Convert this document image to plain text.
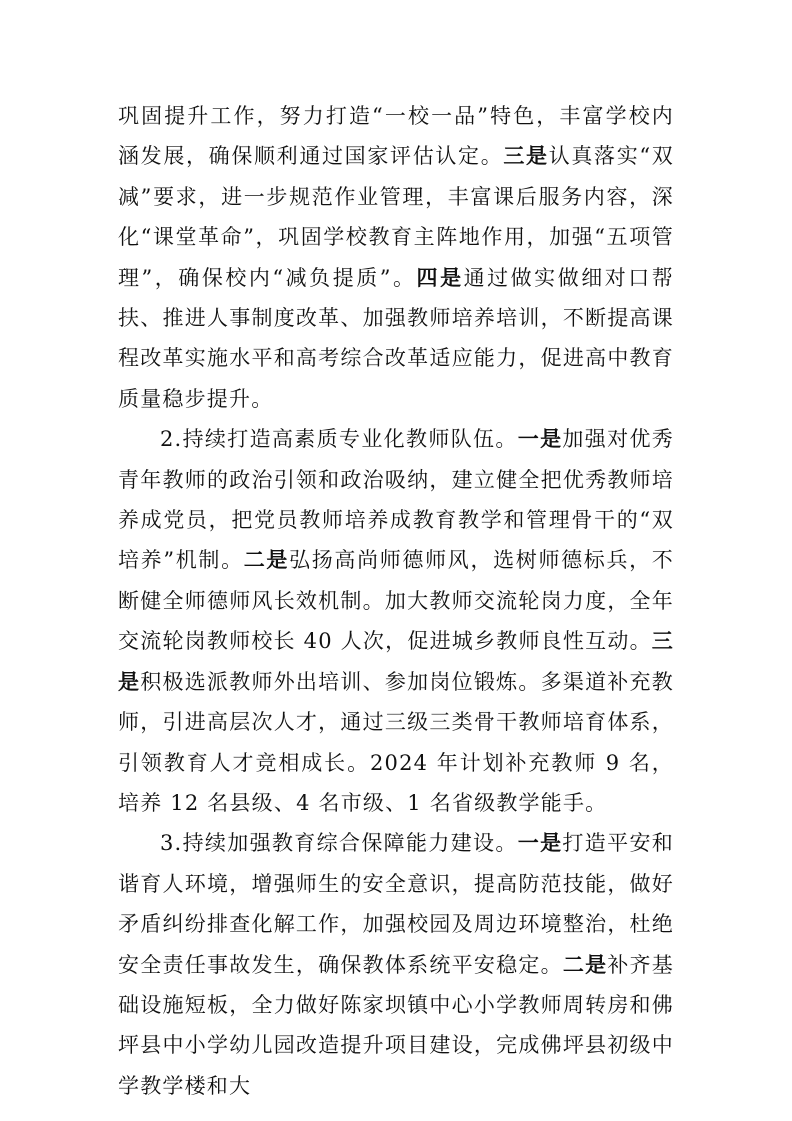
巩固提升工作，努力打造“一校一品”特色，丰富学校内涵发展，确保顺利通过国家评估认定。三是认真落实“双减”要求，进一步规范作业管理，丰富课后服务内容，深化“课堂革命”，巩固学校教育主阵地作用，加强“五项管理”，确保校内“减负提质”。四是通过做实做细对口帮扶、推进人事制度改革、加强教师培养培训，不断提高课程改革实施水平和高考综合改革适应能力，促进高中教育质量稳步提升。

2.持续打造高素质专业化教师队伍。一是加强对优秀青年教师的政治引领和政治吸纳，建立健全把优秀教师培养成党员，把党员教师培养成教育教学和管理骨干的“双培养”机制。二是弘扬高尚师德师风，选树师德标兵，不断健全师德师风长效机制。加大教师交流轮岗力度，全年交流轮岗教师校长 40 人次，促进城乡教师良性互动。三是积极选派教师外出培训、参加岗位锻炼。多渠道补充教师，引进高层次人才，通过三级三类骨干教师培育体系，引领教育人才竞相成长。2024 年计划补充教师 9 名，培养 12 名县级、4 名市级、1 名省级教学能手。

3.持续加强教育综合保障能力建设。一是打造平安和谐育人环境，增强师生的安全意识，提高防范技能，做好矛盾纠纷排查化解工作，加强校园及周边环境整治，杜绝安全责任事故发生，确保教体系统平安稳定。二是补齐基础设施短板，全力做好陈家坝镇中心小学教师周转房和佛坪县中小学幼儿园改造提升项目建设，完成佛坪县初级中学教学楼和大
